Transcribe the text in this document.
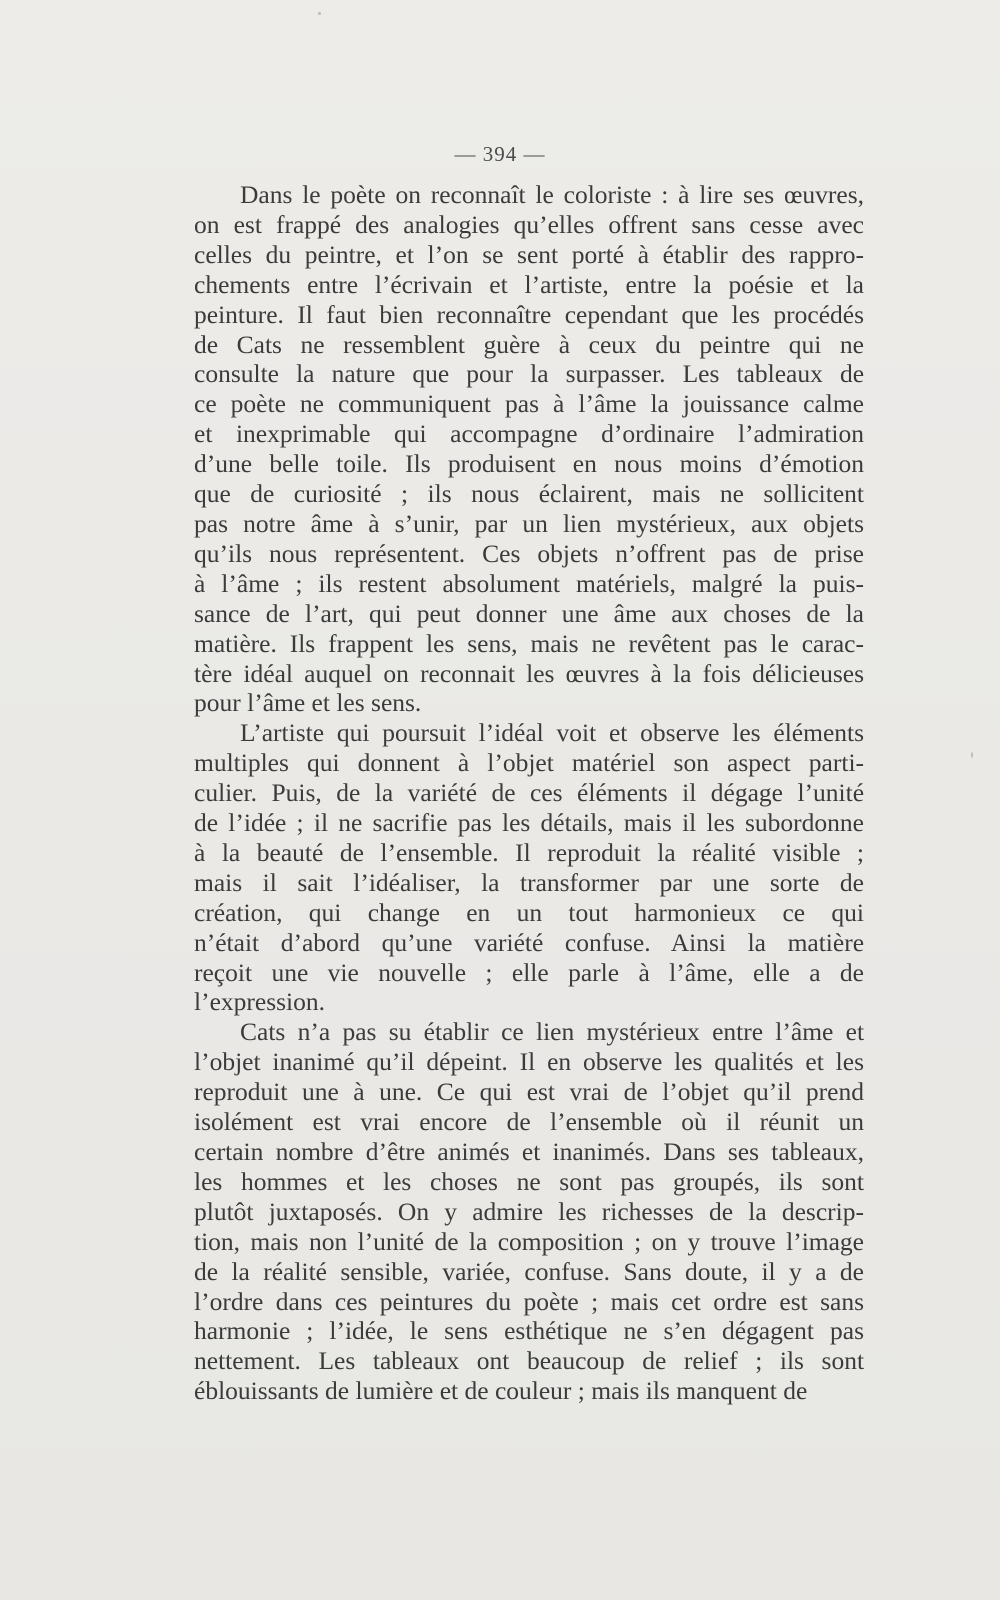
— 394 —
Dans le poète on reconnaît le coloriste : à lire ses œuvres,
on est frappé des analogies qu’elles offrent sans cesse avec
celles du peintre, et l’on se sent porté à établir des rappro-
chements entre l’écrivain et l’artiste, entre la poésie et la
peinture. Il faut bien reconnaître cependant que les procédés
de Cats ne ressemblent guère à ceux du peintre qui ne
consulte la nature que pour la surpasser. Les tableaux de
ce poète ne communiquent pas à l’âme la jouissance calme
et inexprimable qui accompagne d’ordinaire l’admiration
d’une belle toile. Ils produisent en nous moins d’émotion
que de curiosité ; ils nous éclairent, mais ne sollicitent
pas notre âme à s’unir, par un lien mystérieux, aux objets
qu’ils nous représentent. Ces objets n’offrent pas de prise
à l’âme ; ils restent absolument matériels, malgré la puis-
sance de l’art, qui peut donner une âme aux choses de la
matière. Ils frappent les sens, mais ne revêtent pas le carac-
tère idéal auquel on reconnait les œuvres à la fois délicieuses
pour l’âme et les sens.
L’artiste qui poursuit l’idéal voit et observe les éléments
multiples qui donnent à l’objet matériel son aspect parti-
culier. Puis, de la variété de ces éléments il dégage l’unité
de l’idée ; il ne sacrifie pas les détails, mais il les subordonne
à la beauté de l’ensemble. Il reproduit la réalité visible ;
mais il sait l’idéaliser, la transformer par une sorte de
création, qui change en un tout harmonieux ce qui
n’était d’abord qu’une variété confuse. Ainsi la matière
reçoit une vie nouvelle ; elle parle à l’âme, elle a de
l’expression.
Cats n’a pas su établir ce lien mystérieux entre l’âme et
l’objet inanimé qu’il dépeint. Il en observe les qualités et les
reproduit une à une. Ce qui est vrai de l’objet qu’il prend
isolément est vrai encore de l’ensemble où il réunit un
certain nombre d’être animés et inanimés. Dans ses tableaux,
les hommes et les choses ne sont pas groupés, ils sont
plutôt juxtaposés. On y admire les richesses de la descrip-
tion, mais non l’unité de la composition ; on y trouve l’image
de la réalité sensible, variée, confuse. Sans doute, il y a de
l’ordre dans ces peintures du poète ; mais cet ordre est sans
harmonie ; l’idée, le sens esthétique ne s’en dégagent pas
nettement. Les tableaux ont beaucoup de relief ; ils sont
éblouissants de lumière et de couleur ; mais ils manquent de
